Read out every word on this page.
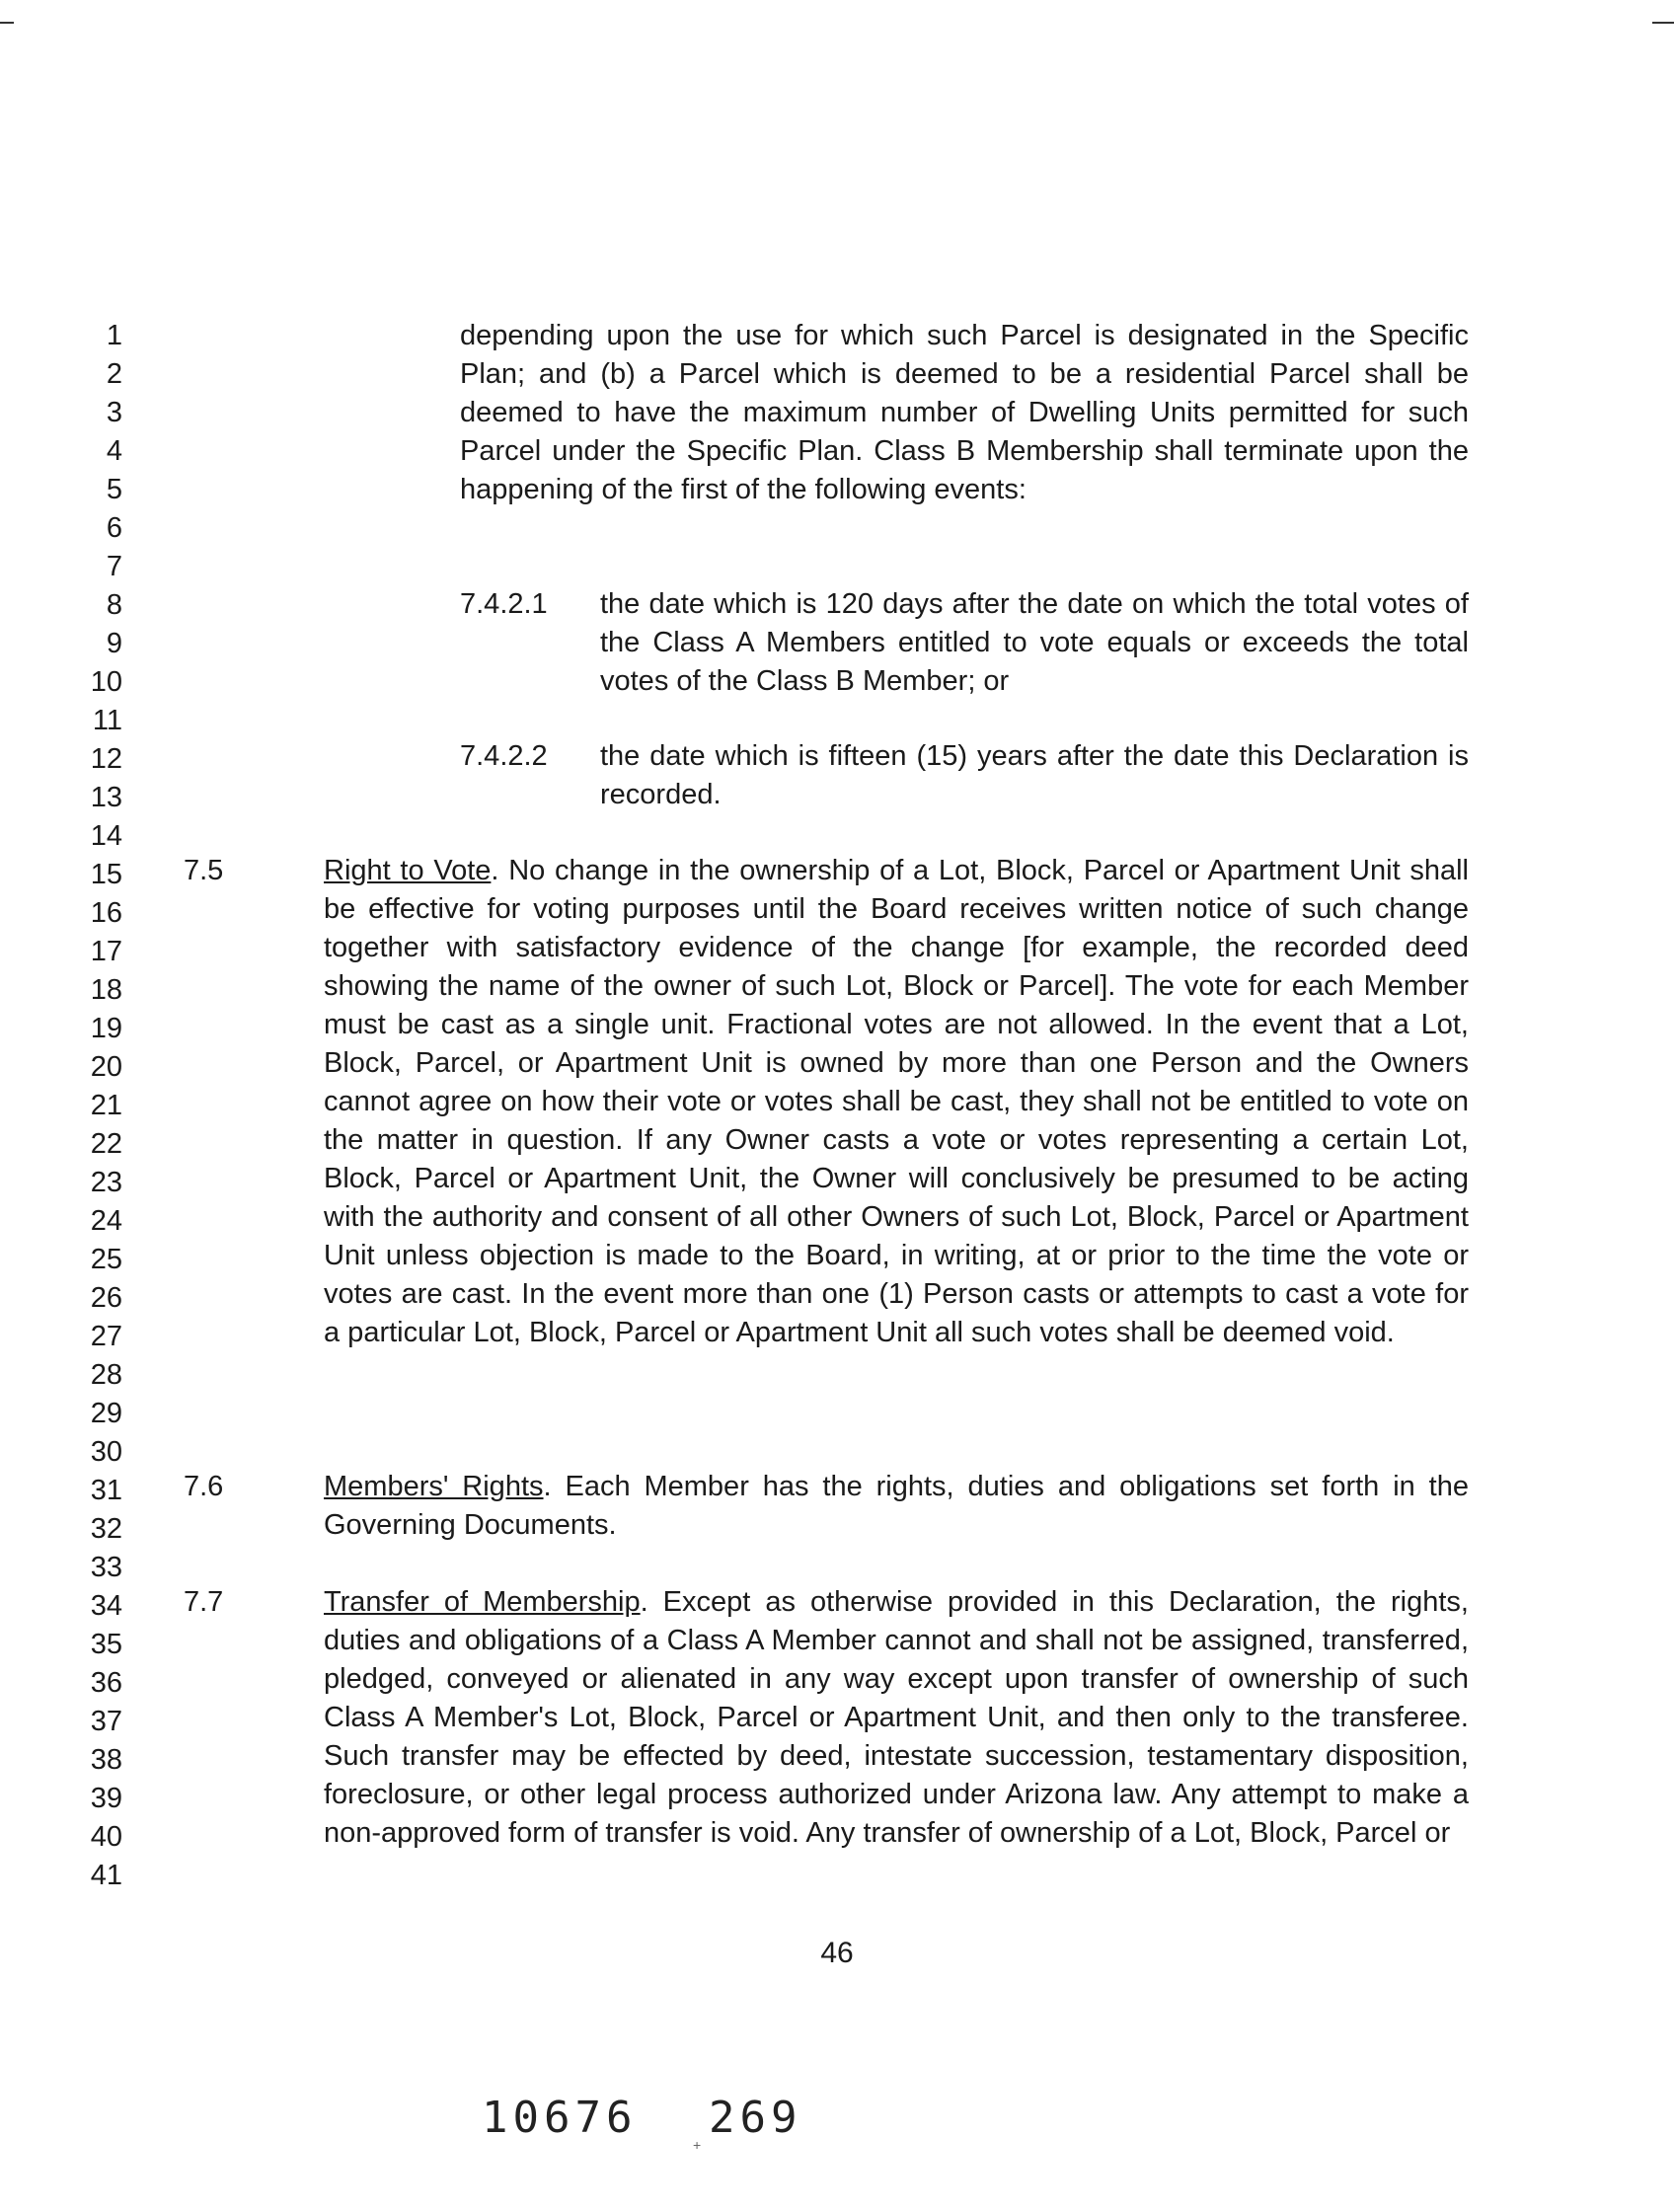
1
2
3
4
5
6
7
8
9
10
11
12
13
14
15
16
17
18
19
20
21
22
23
24
25
26
27
28
29
30
31
32
33
34
35
36
37
38
39
40
41
depending upon the use for which such Parcel is designated in the Specific Plan; and (b) a Parcel which is deemed to be a residential Parcel shall be deemed to have the maximum number of Dwelling Units permitted for such Parcel under the Specific Plan. Class B Membership shall terminate upon the happening of the first of the following events:
7.4.2.1 the date which is 120 days after the date on which the total votes of the Class A Members entitled to vote equals or exceeds the total votes of the Class B Member; or
7.4.2.2 the date which is fifteen (15) years after the date this Declaration is recorded.
7.5	Right to Vote. No change in the ownership of a Lot, Block, Parcel or Apartment Unit shall be effective for voting purposes until the Board receives written notice of such change together with satisfactory evidence of the change [for example, the recorded deed showing the name of the owner of such Lot, Block or Parcel]. The vote for each Member must be cast as a single unit. Fractional votes are not allowed. In the event that a Lot, Block, Parcel, or Apartment Unit is owned by more than one Person and the Owners cannot agree on how their vote or votes shall be cast, they shall not be entitled to vote on the matter in question. If any Owner casts a vote or votes representing a certain Lot, Block, Parcel or Apartment Unit, the Owner will conclusively be presumed to be acting with the authority and consent of all other Owners of such Lot, Block, Parcel or Apartment Unit unless objection is made to the Board, in writing, at or prior to the time the vote or votes are cast. In the event more than one (1) Person casts or attempts to cast a vote for a particular Lot, Block, Parcel or Apartment Unit all such votes shall be deemed void.
7.6	Members' Rights. Each Member has the rights, duties and obligations set forth in the Governing Documents.
7.7	Transfer of Membership. Except as otherwise provided in this Declaration, the rights, duties and obligations of a Class A Member cannot and shall not be assigned, transferred, pledged, conveyed or alienated in any way except upon transfer of ownership of such Class A Member's Lot, Block, Parcel or Apartment Unit, and then only to the transferee. Such transfer may be effected by deed, intestate succession, testamentary disposition, foreclosure, or other legal process authorized under Arizona law. Any attempt to make a non-approved form of transfer is void. Any transfer of ownership of a Lot, Block, Parcel or
46
10676 269
+
